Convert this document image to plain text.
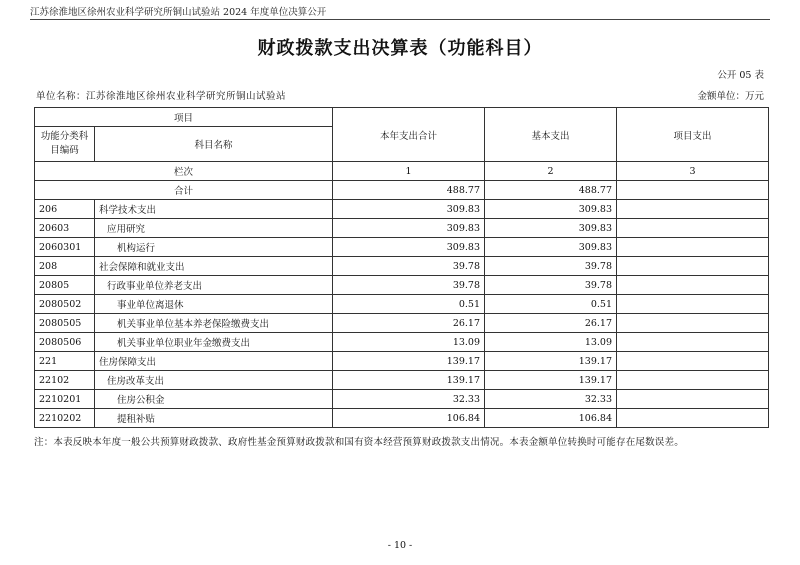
江苏徐淮地区徐州农业科学研究所铜山试验站 2024 年度单位决算公开
财政拨款支出决算表（功能科目）
公开 05 表
单位名称：江苏徐淮地区徐州农业科学研究所铜山试验站	金额单位：万元
项目		本年支出合计	基本支出	项目支出
功能分类科目编码	科目名称			
栏次		1	2	3
合计		488.77	488.77	
206	科学技术支出	309.83	309.83	
20603	应用研究	309.83	309.83	
2060301	机构运行	309.83	309.83	
208	社会保障和就业支出	39.78	39.78	
20805	行政事业单位养老支出	39.78	39.78	
2080502	事业单位离退休	0.51	0.51	
2080505	机关事业单位基本养老保险缴费支出	26.17	26.17	
2080506	机关事业单位职业年金缴费支出	13.09	13.09	
221	住房保障支出	139.17	139.17	
22102	住房改革支出	139.17	139.17	
2210201	住房公积金	32.33	32.33	
2210202	提租补贴	106.84	106.84	
注：本表反映本年度一般公共预算财政拨款、政府性基金预算财政拨款和国有资本经营预算财政拨款支出情况。本表金额单位转换时可能存在尾数误差。
- 10 -
